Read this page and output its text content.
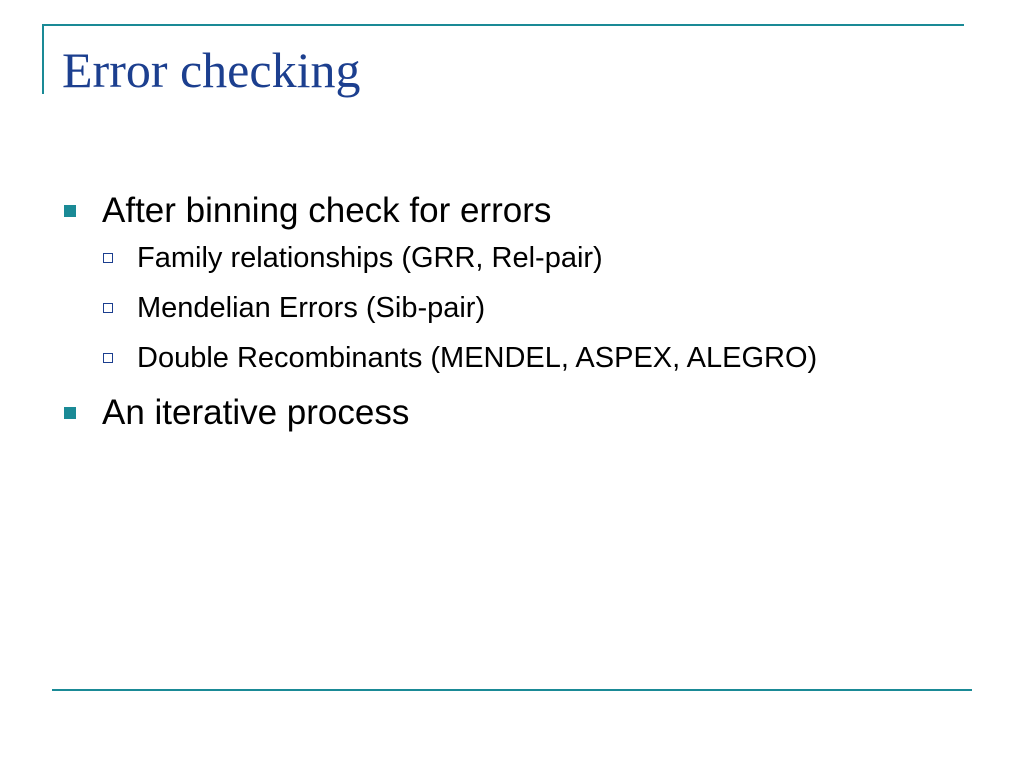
Error checking
After binning check for errors
Family relationships (GRR, Rel-pair)
Mendelian Errors (Sib-pair)
Double Recombinants (MENDEL, ASPEX, ALEGRO)
An iterative process
